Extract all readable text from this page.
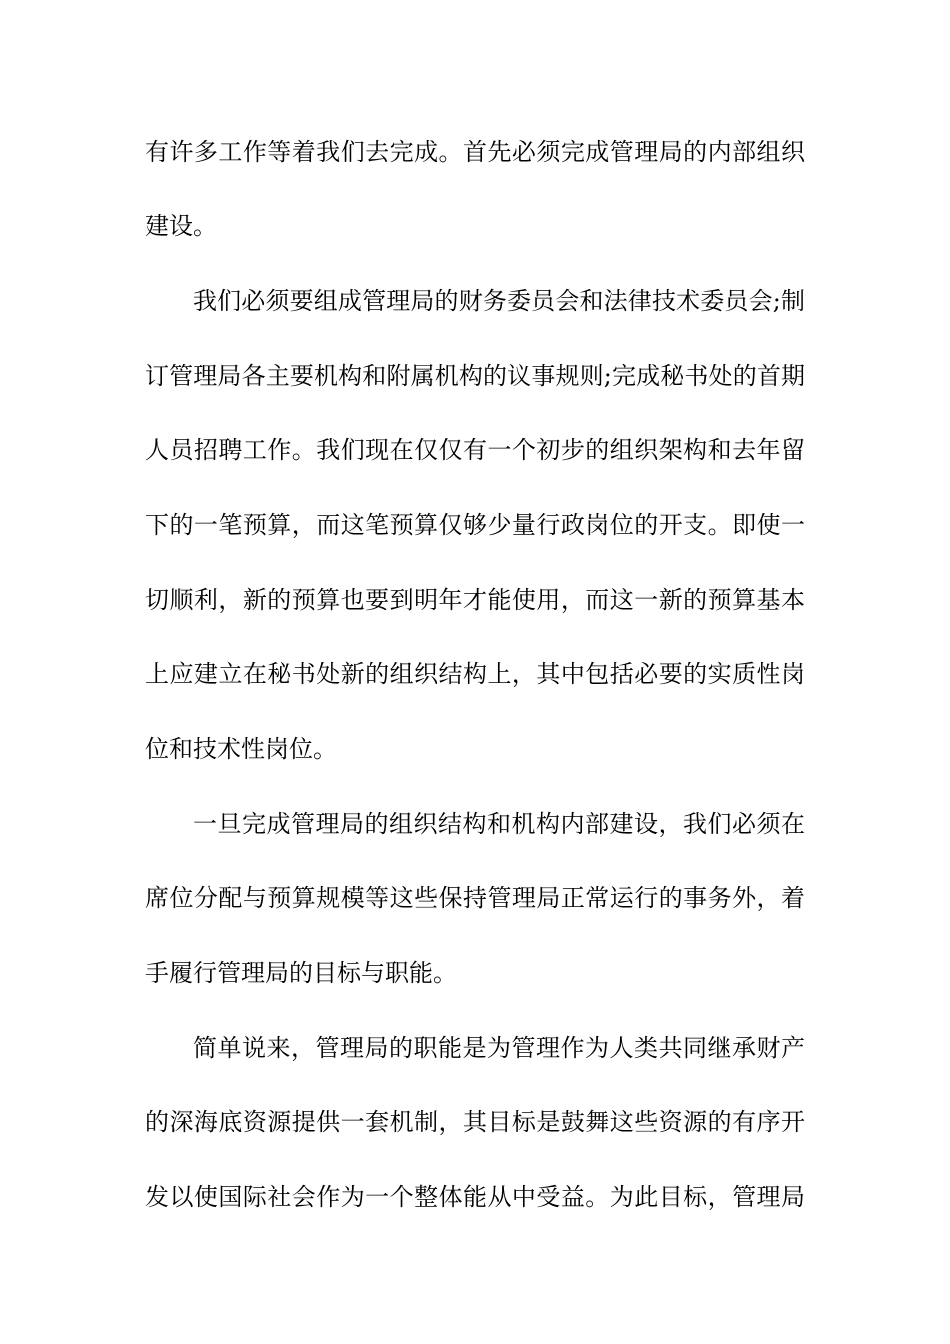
有许多工作等着我们去完成。首先必须完成管理局的内部组织
建设。
我们必须要组成管理局的财务委员会和法律技术委员会;制
订管理局各主要机构和附属机构的议事规则;完成秘书处的首期
人员招聘工作。我们现在仅仅有一个初步的组织架构和去年留
下的一笔预算，而这笔预算仅够少量行政岗位的开支。即使一
切顺利，新的预算也要到明年才能使用，而这一新的预算基本
上应建立在秘书处新的组织结构上，其中包括必要的实质性岗
位和技术性岗位。
一旦完成管理局的组织结构和机构内部建设，我们必须在
席位分配与预算规模等这些保持管理局正常运行的事务外，着
手履行管理局的目标与职能。
简单说来，管理局的职能是为管理作为人类共同继承财产
的深海底资源提供一套机制，其目标是鼓舞这些资源的有序开
发以使国际社会作为一个整体能从中受益。为此目标，管理局
